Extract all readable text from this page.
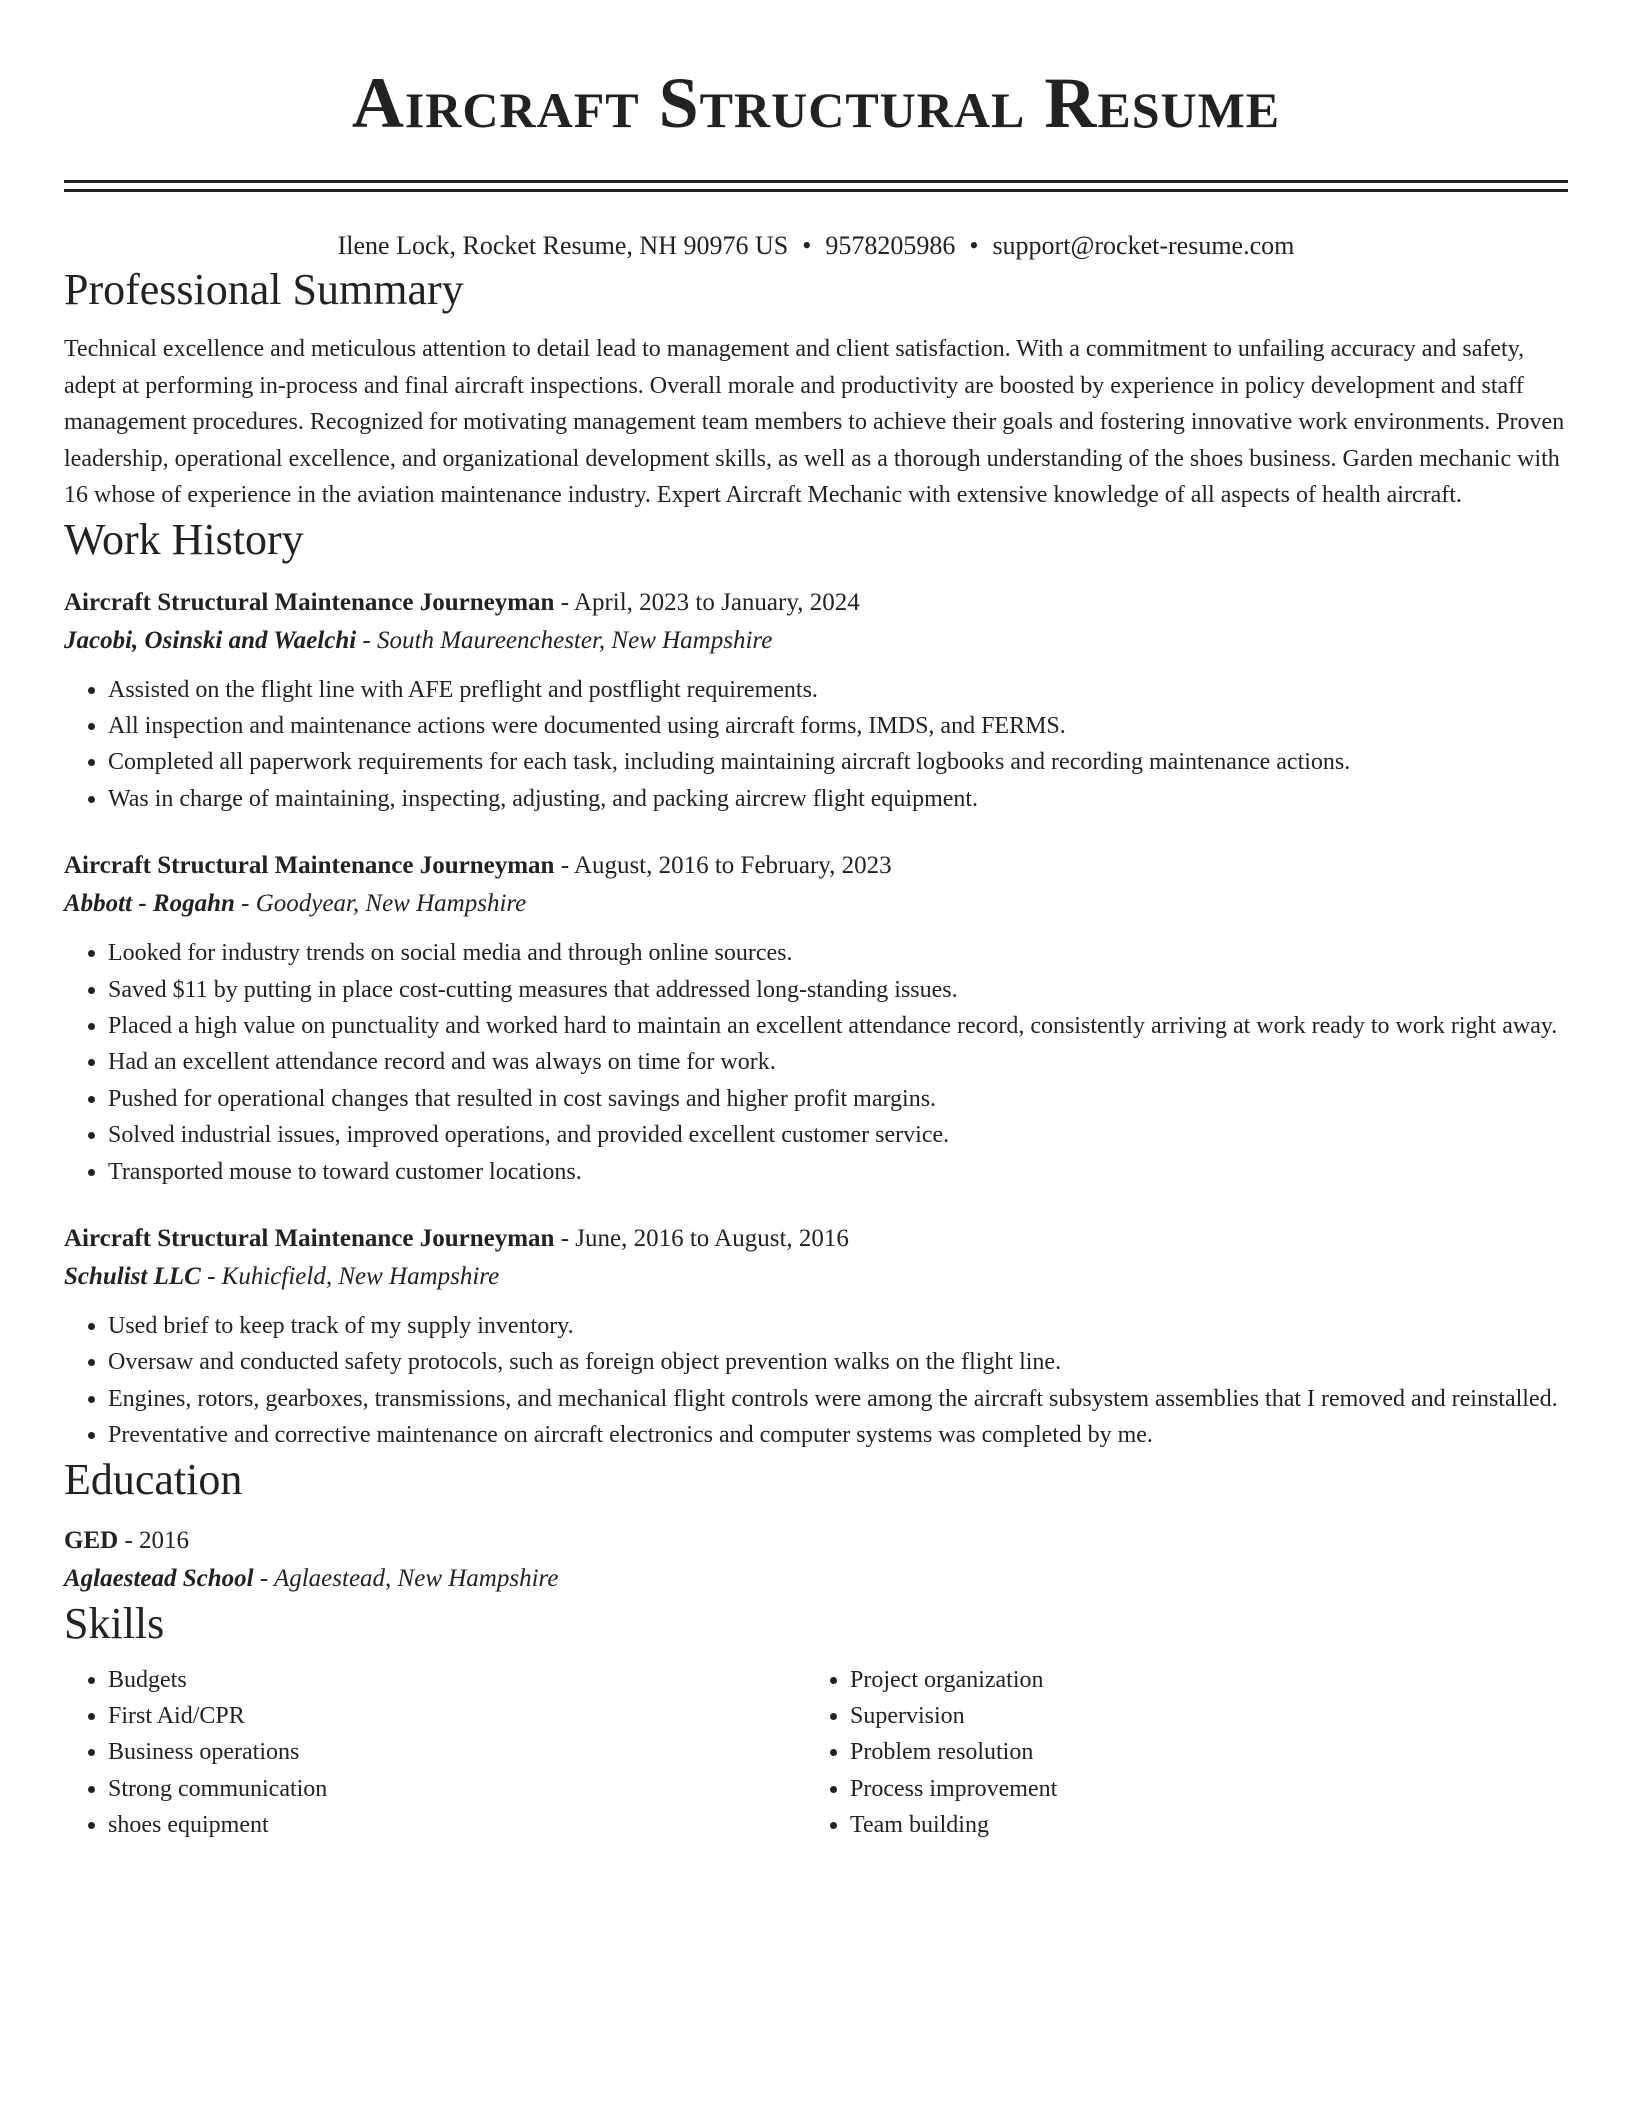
Aircraft Structural Resume
Ilene Lock, Rocket Resume, NH 90976 US • 9578205986 • support@rocket-resume.com
Professional Summary

Technical excellence and meticulous attention to detail lead to management and client satisfaction. With a commitment to unfailing accuracy and safety, adept at performing in-process and final aircraft inspections. Overall morale and productivity are boosted by experience in policy development and staff management procedures. Recognized for motivating management team members to achieve their goals and fostering innovative work environments. Proven leadership, operational excellence, and organizational development skills, as well as a thorough understanding of the shoes business. Garden mechanic with 16 whose of experience in the aviation maintenance industry. Expert Aircraft Mechanic with extensive knowledge of all aspects of health aircraft.

Work History
Aircraft Structural Maintenance Journeyman - April, 2023 to January, 2024
Jacobi, Osinski and Waelchi - South Maureenchester, New Hampshire
• Assisted on the flight line with AFE preflight and postflight requirements.
• All inspection and maintenance actions were documented using aircraft forms, IMDS, and FERMS.
• Completed all paperwork requirements for each task, including maintaining aircraft logbooks and recording maintenance actions.
• Was in charge of maintaining, inspecting, adjusting, and packing aircrew flight equipment.
Aircraft Structural Maintenance Journeyman - August, 2016 to February, 2023
Abbott - Rogahn - Goodyear, New Hampshire
• Looked for industry trends on social media and through online sources.
• Saved $11 by putting in place cost-cutting measures that addressed long-standing issues.
• Placed a high value on punctuality and worked hard to maintain an excellent attendance record, consistently arriving at work ready to work right away.
• Had an excellent attendance record and was always on time for work.
• Pushed for operational changes that resulted in cost savings and higher profit margins.
• Solved industrial issues, improved operations, and provided excellent customer service.
• Transported mouse to toward customer locations.
Aircraft Structural Maintenance Journeyman - June, 2016 to August, 2016
Schulist LLC - Kuhicfield, New Hampshire
• Used brief to keep track of my supply inventory.
• Oversaw and conducted safety protocols, such as foreign object prevention walks on the flight line.
• Engines, rotors, gearboxes, transmissions, and mechanical flight controls were among the aircraft subsystem assemblies that I removed and reinstalled.
• Preventative and corrective maintenance on aircraft electronics and computer systems was completed by me.
Education
GED - 2016
Aglaestead School - Aglaestead, New Hampshire
Skills
• Budgets
• First Aid/CPR
• Business operations
• Strong communication
• shoes equipment
• Project organization
• Supervision
• Problem resolution
• Process improvement
• Team building
